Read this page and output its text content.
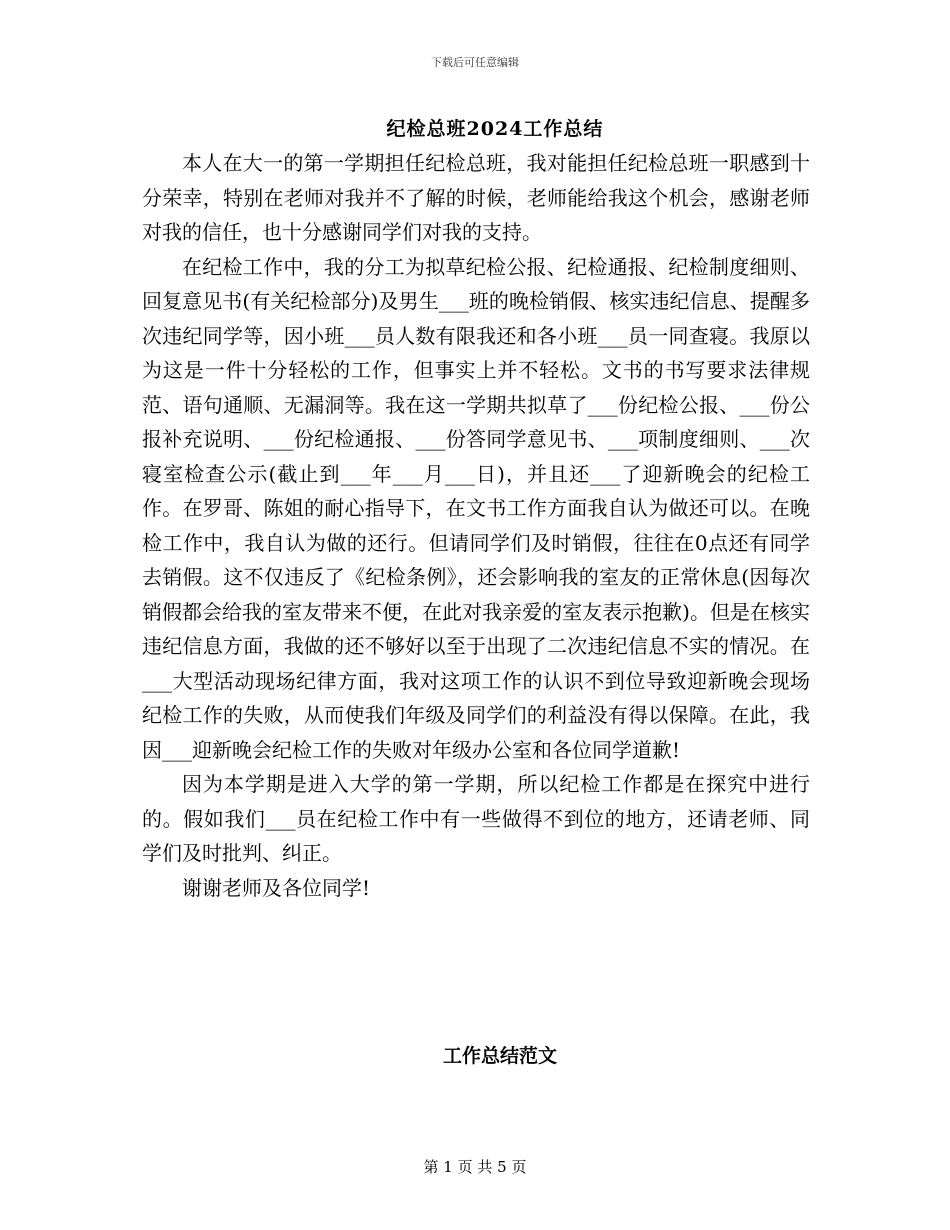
下载后可任意编辑
纪检总班2024工作总结

本人在大一的第一学期担任纪检总班，我对能担任纪检总班一职感到十分荣幸，特别在老师对我并不了解的时候，老师能给我这个机会，感谢老师对我的信任，也十分感谢同学们对我的支持。

在纪检工作中，我的分工为拟草纪检公报、纪检通报、纪检制度细则、回复意见书(有关纪检部分)及男生___班的晚检销假、核实违纪信息、提醒多次违纪同学等，因小班___员人数有限我还和各小班___员一同查寝。我原以为这是一件十分轻松的工作，但事实上并不轻松。文书的书写要求法律规范、语句通顺、无漏洞等。我在这一学期共拟草了___份纪检公报、___份公报补充说明、___份纪检通报、___份答同学意见书、___项制度细则、___次寝室检查公示(截止到___年___月___日)，并且还___了迎新晚会的纪检工作。在罗哥、陈姐的耐心指导下，在文书工作方面我自认为做还可以。在晚检工作中，我自认为做的还行。但请同学们及时销假，往往在0点还有同学去销假。这不仅违反了《纪检条例》，还会影响我的室友的正常休息(因每次销假都会给我的室友带来不便，在此对我亲爱的室友表示抱歉)。但是在核实违纪信息方面，我做的还不够好以至于出现了二次违纪信息不实的情况。在___大型活动现场纪律方面，我对这项工作的认识不到位导致迎新晚会现场纪检工作的失败，从而使我们年级及同学们的利益没有得以保障。在此，我因___迎新晚会纪检工作的失败对年级办公室和各位同学道歉!

因为本学期是进入大学的第一学期，所以纪检工作都是在探究中进行的。假如我们___员在纪检工作中有一些做得不到位的地方，还请老师、同学们及时批判、纠正。

谢谢老师及各位同学!

工作总结范文
第 1 页 共 5 页
